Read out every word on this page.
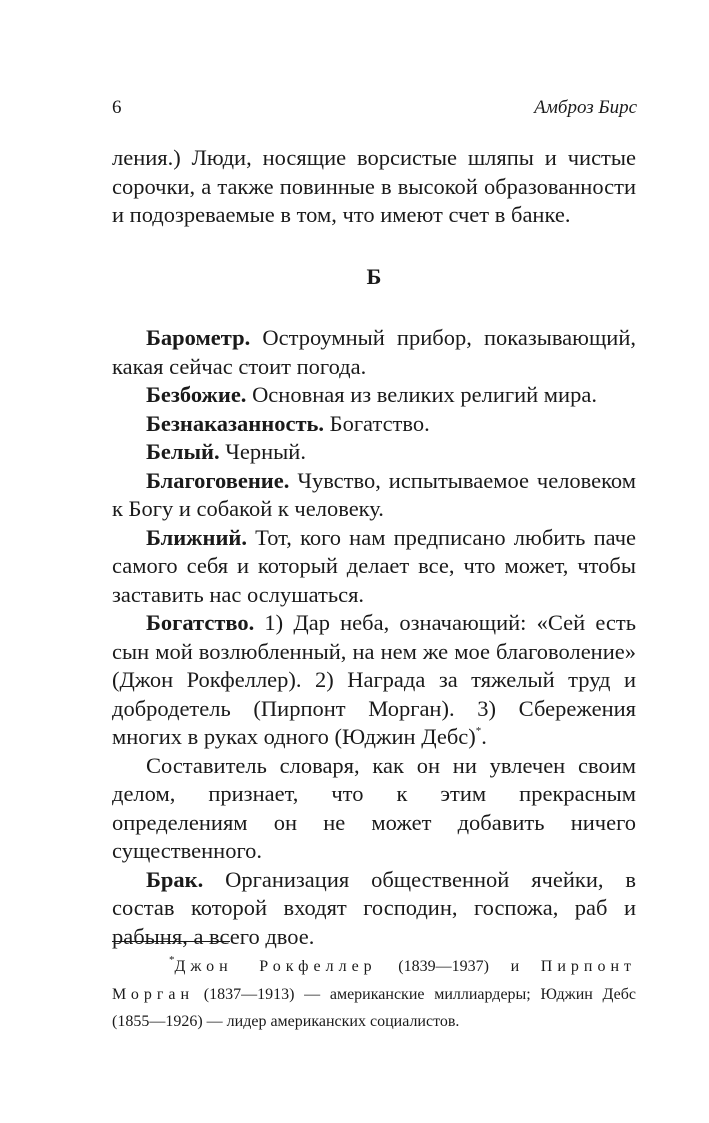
6	Амброз Бирс

ления.) Люди, носящие ворсистые шляпы и чистые сорочки, а также повинные в высокой образованности и подозреваемые в том, что имеют счет в банке.

Б

Барометр. Остроумный прибор, показывающий, какая сейчас стоит погода.

Безбожие. Основная из великих религий мира.

Безнаказанность. Богатство.

Белый. Черный.

Благоговение. Чувство, испытываемое человеком к Богу и собакой к человеку.

Ближний. Тот, кого нам предписано любить паче самого себя и который делает все, что может, чтобы заставить нас ослушаться.

Богатство. 1) Дар неба, означающий: «Сей есть сын мой возлюбленный, на нем же мое благоволение» (Джон Рокфеллер). 2) Награда за тяжелый труд и добродетель (Пирпонт Морган). 3) Сбережения многих в руках одного (Юджин Дебс)*.

Составитель словаря, как он ни увлечен своим делом, признает, что к этим прекрасным определениям он не может добавить ничего существенного.

Брак. Организация общественной ячейки, в состав которой входят господин, госпожа, раб и рабыня, а всего двое.

*Джон Рокфеллер (1839—1937) и Пирпонт Морган (1837—1913) — американские миллиардеры; Юджин Дебс (1855—1926) — лидер американских социалистов.
